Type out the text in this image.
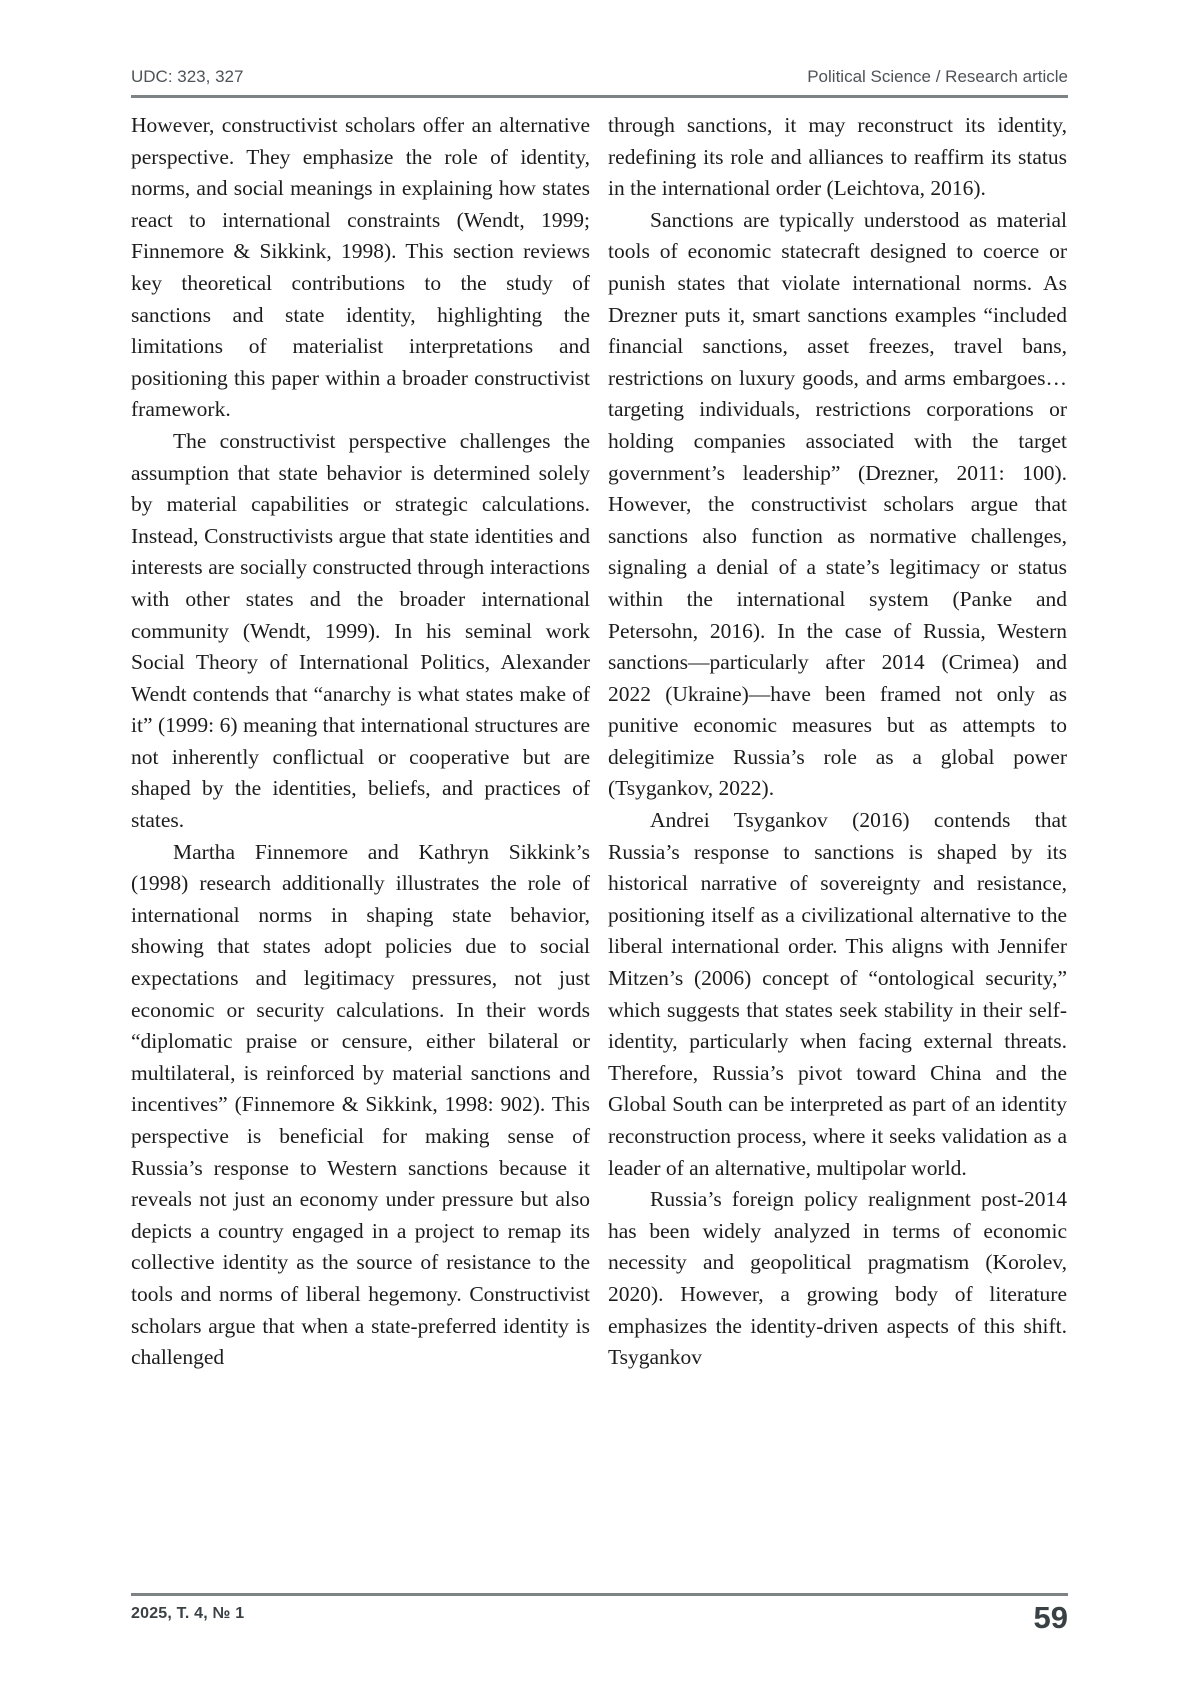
UDC: 323, 327	Political Science / Research article

However, constructivist scholars offer an alternative perspective. They emphasize the role of identity, norms, and social meanings in explaining how states react to international constraints (Wendt, 1999; Finnemore & Sikkink, 1998). This section reviews key theoretical contributions to the study of sanctions and state identity, highlighting the limitations of materialist interpretations and positioning this paper within a broader constructivist framework.

The constructivist perspective challenges the assumption that state behavior is determined solely by material capabilities or strategic calculations. Instead, Constructivists argue that state identities and interests are socially constructed through interactions with other states and the broader international community (Wendt, 1999). In his seminal work Social Theory of International Politics, Alexander Wendt contends that “anarchy is what states make of it” (1999: 6) meaning that international structures are not inherently conflictual or cooperative but are shaped by the identities, beliefs, and practices of states.

Martha Finnemore and Kathryn Sikkink’s (1998) research additionally illustrates the role of international norms in shaping state behavior, showing that states adopt policies due to social expectations and legitimacy pressures, not just economic or security calculations. In their words “diplomatic praise or censure, either bilateral or multilateral, is reinforced by material sanctions and incentives” (Finnemore & Sikkink, 1998: 902). This perspective is beneficial for making sense of Russia’s response to Western sanctions because it reveals not just an economy under pressure but also depicts a country engaged in a project to remap its collective identity as the source of resistance to the tools and norms of liberal hegemony. Constructivist scholars argue that when a state-preferred identity is challenged

through sanctions, it may reconstruct its identity, redefining its role and alliances to reaffirm its status in the international order (Leichtova, 2016).

Sanctions are typically understood as material tools of economic statecraft designed to coerce or punish states that violate international norms. As Drezner puts it, smart sanctions examples “included financial sanctions, asset freezes, travel bans, restrictions on luxury goods, and arms embargoes… targeting individuals, restrictions corporations or holding companies associated with the target government’s leadership” (Drezner, 2011: 100). However, the constructivist scholars argue that sanctions also function as normative challenges, signaling a denial of a state’s legitimacy or status within the international system (Panke and Petersohn, 2016). In the case of Russia, Western sanctions—particularly after 2014 (Crimea) and 2022 (Ukraine)—have been framed not only as punitive economic measures but as attempts to delegitimize Russia’s role as a global power (Tsygankov, 2022).

Andrei Tsygankov (2016) contends that Russia’s response to sanctions is shaped by its historical narrative of sovereignty and resistance, positioning itself as a civilizational alternative to the liberal international order. This aligns with Jennifer Mitzen’s (2006) concept of “ontological security,” which suggests that states seek stability in their self-identity, particularly when facing external threats. Therefore, Russia’s pivot toward China and the Global South can be interpreted as part of an identity reconstruction process, where it seeks validation as a leader of an alternative, multipolar world.

Russia’s foreign policy realignment post-2014 has been widely analyzed in terms of economic necessity and geopolitical pragmatism (Korolev, 2020). However, a growing body of literature emphasizes the identity-driven aspects of this shift. Tsygankov

2025, Т. 4, № 1	59
